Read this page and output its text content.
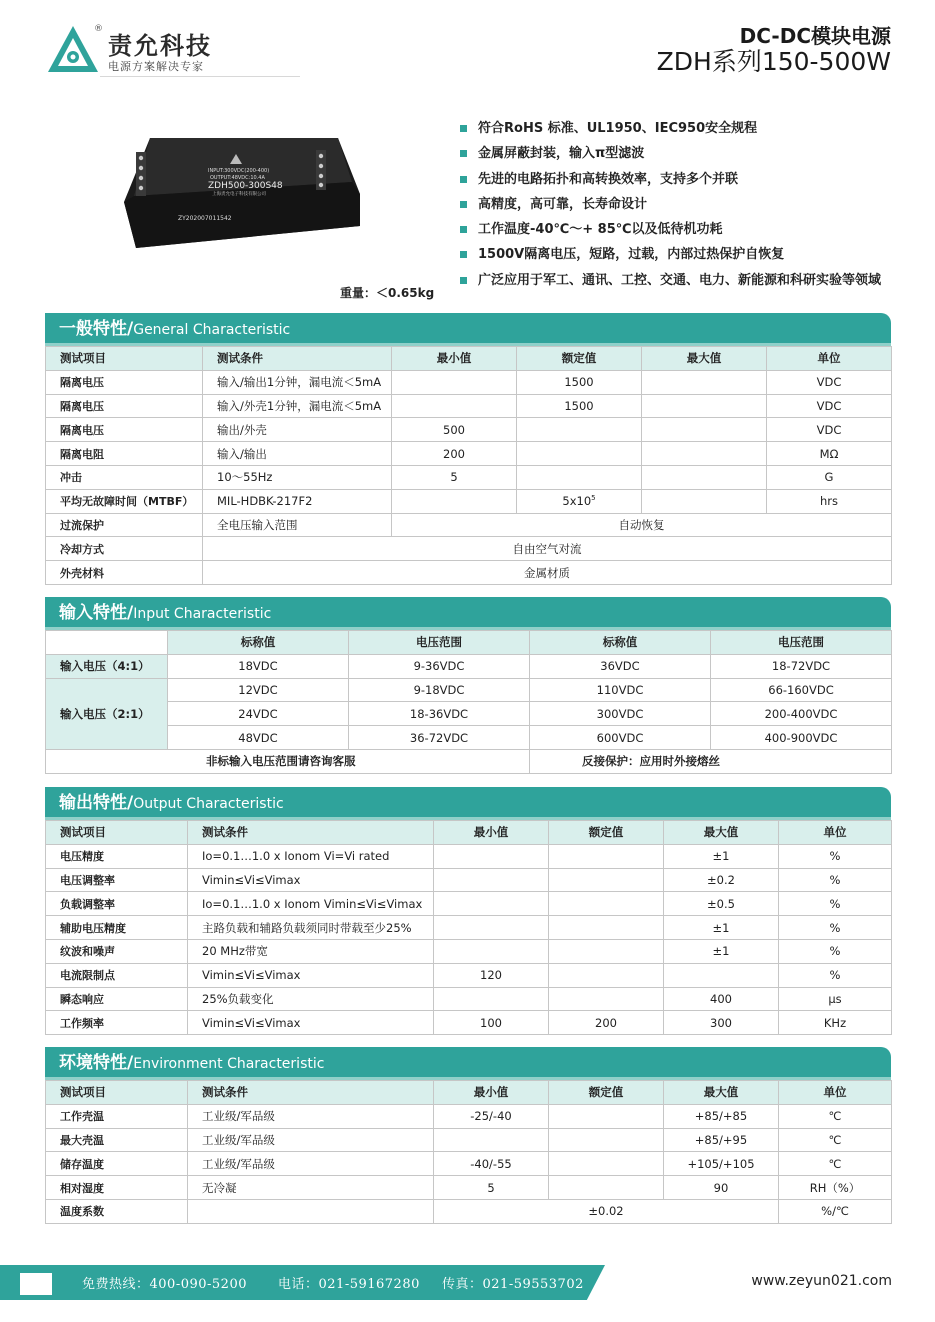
®
责允科技
电源方案解决专家
DC-DC模块电源
ZDH系列150-500W
INPUT:300VDC(200-400)
OUTPUT:48VDC:10.4A
ZDH500-300S48
上海责允电子科技有限公司
ZY202007011542
重量：＜0.65kg
符合RoHS 标准、UL1950、IEC950安全规程
金属屏蔽封装，输入π型滤波
先进的电路拓扑和高转换效率，支持多个并联
高精度，高可靠，长寿命设计
工作温度-40℃～+ 85℃以及低待机功耗
1500V隔离电压，短路，过载，内部过热保护自恢复
广泛应用于军工、通讯、工控、交通、电力、新能源和科研实验等领域
一般特性/General Characteristic
测试项目	测试条件	最小值	额定值	最大值	单位
隔离电压	输入/输出1分钟，漏电流＜5mA		1500		VDC
隔离电压	输入/外壳1分钟，漏电流＜5mA		1500		VDC
隔离电压	输出/外壳	500			VDC
隔离电阻	输入/输出	200			MΩ
冲击	10～55Hz	5			G
平均无故障时间（MTBF）	MIL-HDBK-217F2		$5x10^5$		hrs
过流保护	全电压输入范围	自动恢复			
冷却方式	自由空气对流				
外壳材料	金属材质				
输入特性/Input Characteristic
	标称值	电压范围	标称值	电压范围
输入电压（4:1）	18VDC	9-36VDC	36VDC	18-72VDC
输入电压（2:1）	12VDC	9-18VDC	110VDC	66-160VDC
	24VDC	18-36VDC	300VDC	200-400VDC
	48VDC	36-72VDC	600VDC	400-900VDC
非标输入电压范围请咨询客服			反接保护：应用时外接熔丝	
输出特性/Output Characteristic
测试项目	测试条件	最小值	额定值	最大值	单位
电压精度	Io=0.1…1.0 x Ionom Vi=Vi rated			±1	%
电压调整率	Vimin≤Vi≤Vimax			±0.2	%
负载调整率	Io=0.1…1.0 x Ionom Vimin≤Vi≤Vimax			±0.5	%
辅助电压精度	主路负载和辅路负载须同时带载至少25%			±1	%
纹波和噪声	20 MHz带宽			±1	%
电流限制点	Vimin≤Vi≤Vimax	120			%
瞬态响应	25%负载变化			400	μs
工作频率	Vimin≤Vi≤Vimax	100	200	300	KHz
环境特性/Environment Characteristic
测试项目	测试条件	最小值	额定值	最大值	单位
工作壳温	工业级/军品级	-25/-40		+85/+85	℃
最大壳温	工业级/军品级			+85/+95	℃
储存温度	工业级/军品级	-40/-55		+105/+105	℃
相对湿度	无冷凝	5		90	RH（%）
温度系数		±0.02			%/℃
免费热线：400-090-5200 电话：021-59167280 传真：021-59553702	www.zeyun021.com
